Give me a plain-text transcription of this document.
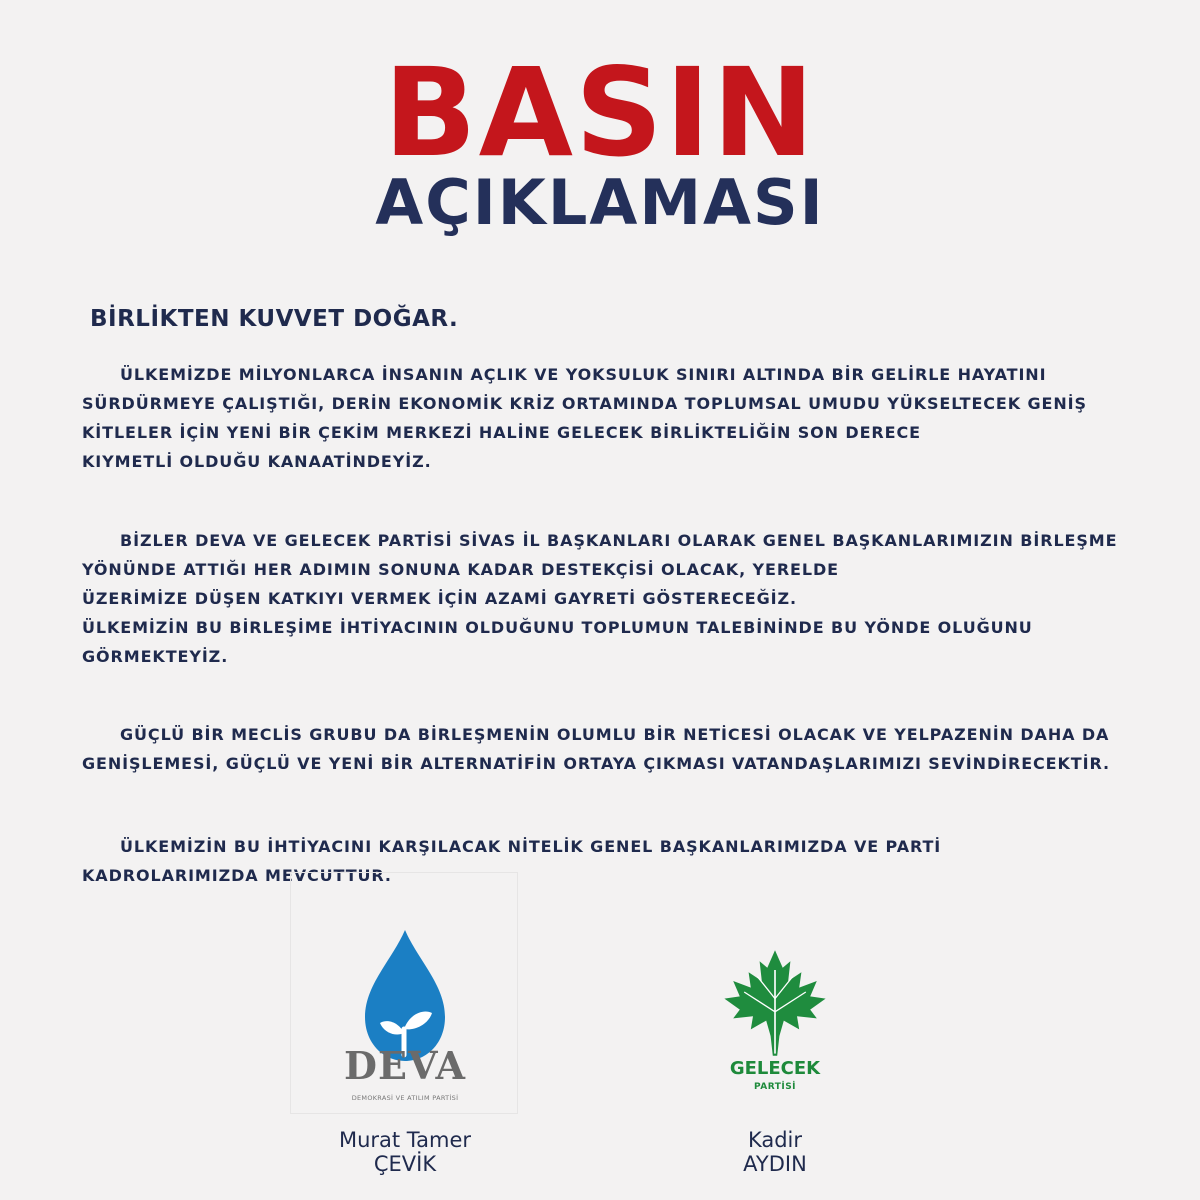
BASIN
AÇIKLAMASI
BİRLİKTEN KUVVET DOĞAR.

ÜLKEMİZDE MİLYONLARCA İNSANIN AÇLIK VE YOKSULUK SINIRI ALTINDA BİR GELİRLE HAYATINI
SÜRDÜRMEYE ÇALIŞTIĞI, DERİN EKONOMİK KRİZ ORTAMINDA TOPLUMSAL UMUDU YÜKSELTECEK GENİŞ
KİTLELER İÇİN YENİ BİR ÇEKİM MERKEZİ HALİNE GELECEK BİRLİKTELİĞİN SON DERECE
KIYMETLİ OLDUĞU KANAATİNDEYİZ.

BİZLER DEVA VE GELECEK PARTİSİ SİVAS İL BAŞKANLARI OLARAK GENEL BAŞKANLARIMIZIN BİRLEŞME
YÖNÜNDE ATTIĞI HER ADIMIN SONUNA KADAR DESTEKÇİSİ OLACAK, YERELDE
ÜZERİMİZE DÜŞEN KATKIYI VERMEK İÇİN AZAMİ GAYRETİ GÖSTERECEĞİZ.
ÜLKEMİZİN BU BİRLEŞİME İHTİYACININ OLDUĞUNU TOPLUMUN TALEBİNİNDE BU YÖNDE OLUĞUNU
GÖRMEKTEYİZ.

GÜÇLÜ BİR MECLİS GRUBU DA BİRLEŞMENİN OLUMLU BİR NETİCESİ OLACAK VE YELPAZENİN DAHA DA
GENİŞLEMESİ, GÜÇLÜ VE YENİ BİR ALTERNATİFİN ORTAYA ÇIKMASI VATANDAŞLARIMIZI SEVİNDİRECEKTİR.

ÜLKEMİZİN BU İHTİYACINI KARŞILACAK NİTELİK GENEL BAŞKANLARIMIZDA VE PARTİ
KADROLARIMIZDA MEVCUTTUR.

DEVA
DEMOKRASİ VE ATILIM PARTİSİ
GELECEK
PARTİSİ
Murat Tamer
ÇEVİK
Kadir
AYDIN
